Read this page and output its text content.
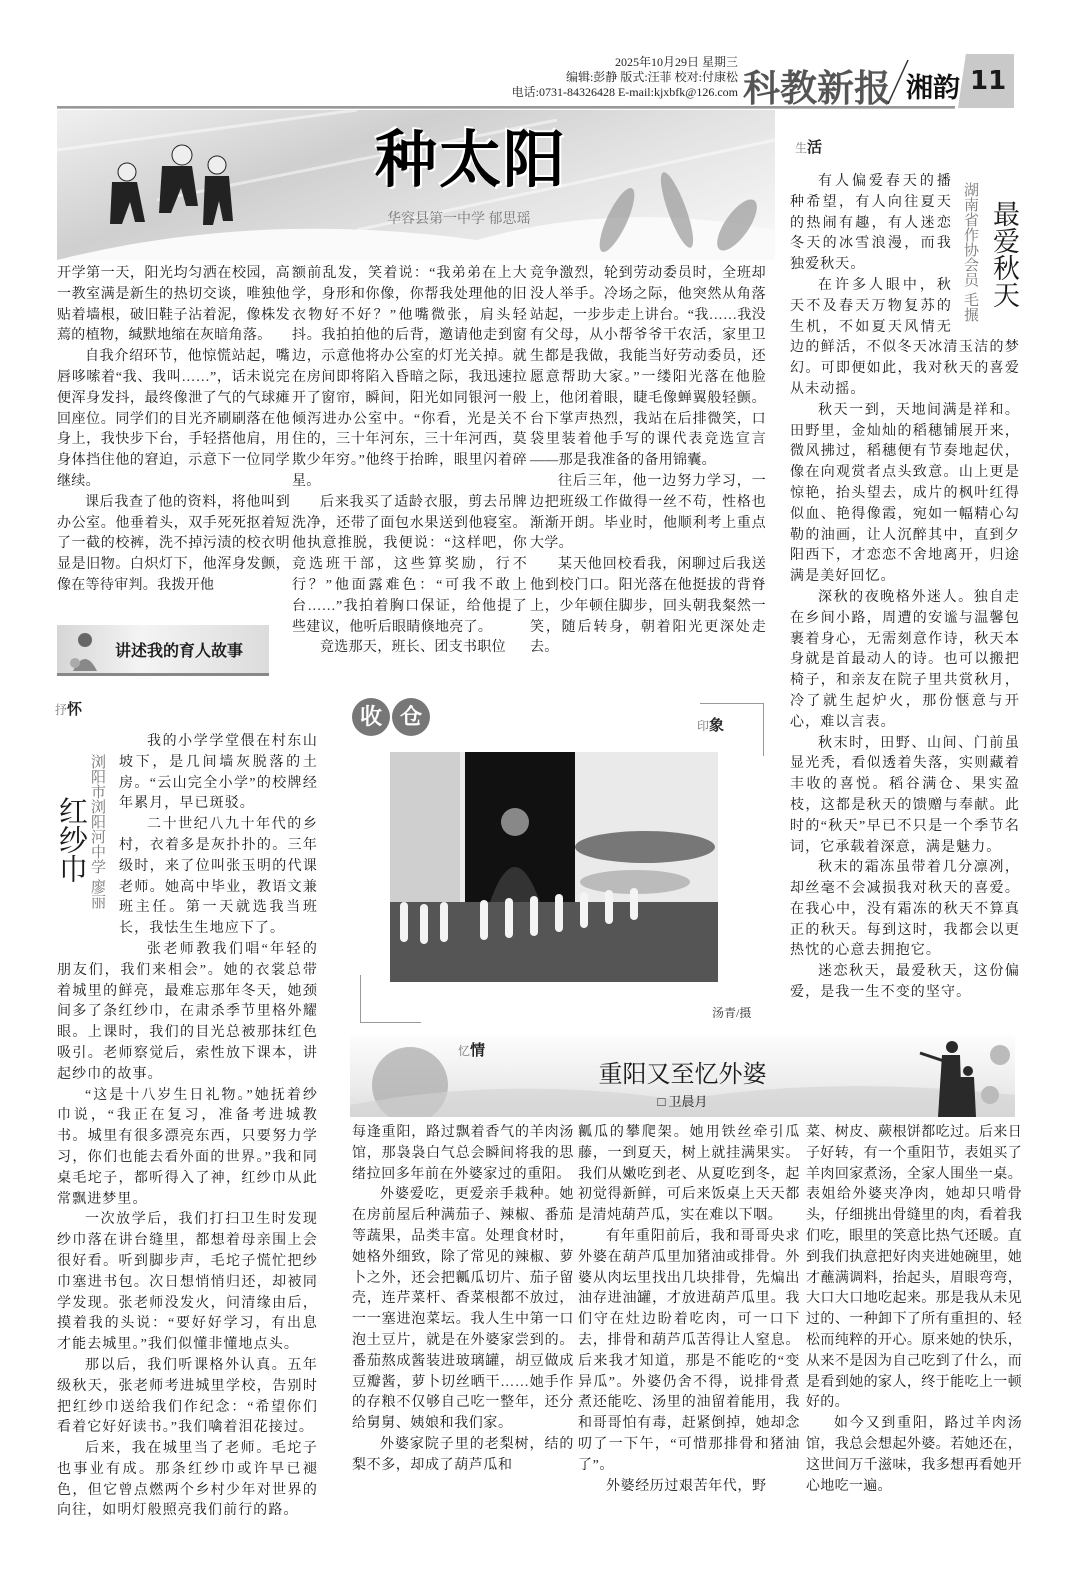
2025年10月29日 星期三
编辑:彭静 版式:汪菲 校对:付康松
电话:0731-84326428 E-mail:kjxbfk@126.com 科教新报 湘韵 11
种太阳
华容县第一中学 郁思瑶

开学第一天，阳光均匀洒在校园，高一教室满是新生的热切交谈，唯独他贴着墙根，破旧鞋子沾着泥，像株发蔫的植物，缄默地缩在灰暗角落。

自我介绍环节，他惊慌站起，嘴唇哆嗦着“我、我叫……”，话未说完便浑身发抖，最终像泄了气的气球瘫回座位。同学们的目光齐刷刷落在他身上，我快步下台，手轻搭他肩，用身体挡住他的窘迫，示意下一位同学继续。

课后我查了他的资料，将他叫到办公室。他垂着头，双手死死抠着短了一截的校裤，洗不掉污渍的校衣明显是旧物。白炽灯下，他浑身发颤，像在等待审判。我拨开他

额前乱发，笑着说：“我弟弟在上大学，身形和你像，你帮我处理他的旧衣物好不好？”他嘴微张，肩头轻抖。我拍拍他的后背，邀请他走到窗边，示意他将办公室的灯光关掉。就在房间即将陷入昏暗之际，我迅速拉开了窗帘，瞬间，阳光如同银河一般倾泻进办公室中。“你看，光是关不住的，三十年河东，三十年河西，莫欺少年穷。”他终于抬眸，眼里闪着碎星。

后来我买了适龄衣服，剪去吊牌洗净，还带了面包水果送到他寝室。他执意推脱，我便说：“这样吧，你竞选班干部，这些算奖励，行不行？”他面露难色：“可我不敢上台……”我拍着胸口保证，给他提了些建议，他听后眼睛倏地亮了。

竞选那天，班长、团支书职位

竞争激烈，轮到劳动委员时，全班却没人举手。冷场之际，他突然从角落站起，一步步走上讲台。“我……我没有父母，从小帮爷爷干农活，家里卫生都是我做，我能当好劳动委员，还愿意帮助大家。”一缕阳光落在他脸上，他闭着眼，睫毛像蝉翼般轻颤。台下掌声热烈，我站在后排微笑，口袋里装着他手写的课代表竞选宣言——那是我准备的备用锦囊。

往后三年，他一边努力学习，一边把班级工作做得一丝不苟，性格也渐渐开朗。毕业时，他顺利考上重点大学。

某天他回校看我，闲聊过后我送他到校门口。阳光落在他挺拔的背脊上，少年顿住脚步，回头朝我粲然一笑，随后转身，朝着阳光更深处走去。

讲述我的育人故事
生活
最爱秋天
湖南省作协会员 毛搌

有人偏爱春天的播种希望，有人向往夏天的热闹有趣，有人迷恋冬天的冰雪浪漫，而我独爱秋天。

在许多人眼中，秋天不及春天万物复苏的生机，不如夏天风情无边的鲜活，不似冬天冰清玉洁的梦幻。可即便如此，我对秋天的喜爱从未动摇。

秋天一到，天地间满是祥和。田野里，金灿灿的稻穗铺展开来，微风拂过，稻穗便有节奏地起伏，像在向观赏者点头致意。山上更是惊艳，抬头望去，成片的枫叶红得似血、艳得像霞，宛如一幅精心勾勒的油画，让人沉醉其中，直到夕阳西下，才恋恋不舍地离开，归途满是美好回忆。

深秋的夜晚格外迷人。独自走在乡间小路，周遭的安谧与温馨包裹着身心，无需刻意作诗，秋天本身就是首最动人的诗。也可以搬把椅子，和亲友在院子里共赏秋月，冷了就生起炉火，那份惬意与开心，难以言表。

秋末时，田野、山间、门前虽显光秃，看似透着失落，实则藏着丰收的喜悦。稻谷满仓、果实盈枝，这都是秋天的馈赠与奉献。此时的“秋天”早已不只是一个季节名词，它承载着深意，满是魅力。

秋末的霜冻虽带着几分凛冽，却丝毫不会减损我对秋天的喜爱。在我心中，没有霜冻的秋天不算真正的秋天。每到这时，我都会以更热忱的心意去拥抱它。

迷恋秋天，最爱秋天，这份偏爱，是我一生不变的坚守。

抒怀
红纱巾 浏阳市浏阳河中学 廖丽

我的小学学堂偎在村东山坡下，是几间墙灰脱落的土房。“云山完全小学”的校牌经年累月，早已斑驳。

二十世纪八九十年代的乡村，衣着多是灰扑扑的。三年级时，来了位叫张玉明的代课老师。她高中毕业，教语文兼班主任。第一天就选我当班长，我怯生生地应下了。

张老师教我们唱“年轻的朋友们，我们来相会”。她的衣裳总带着城里的鲜亮，最难忘那年冬天，她颈间多了条红纱巾，在肃杀季节里格外耀眼。上课时，我们的目光总被那抹红色吸引。老师察觉后，索性放下课本，讲起纱巾的故事。

“这是十八岁生日礼物。”她抚着纱巾说，“我正在复习，准备考进城教书。城里有很多漂亮东西，只要努力学习，你们也能去看外面的世界。”我和同桌毛坨子，都听得入了神，红纱巾从此常飘进梦里。

一次放学后，我们打扫卫生时发现纱巾落在讲台缝里，都想着母亲围上会很好看。听到脚步声，毛坨子慌忙把纱巾塞进书包。次日想悄悄归还，却被同学发现。张老师没发火，问清缘由后，摸着我的头说：“要好好学习，有出息才能去城里。”我们似懂非懂地点头。

那以后，我们听课格外认真。五年级秋天，张老师考进城里学校，告别时把红纱巾送给我们作纪念：“希望你们看着它好好读书。”我们噙着泪花接过。

后来，我在城里当了老师。毛坨子也事业有成。那条红纱巾或许早已褪色，但它曾点燃两个乡村少年对世界的向往，如明灯般照亮我们前行的路。

收 仓	印象
汤青/摄
忆情
重阳又至忆外婆
□ 卫晨月

每逢重阳，路过飘着香气的羊肉汤馆，那袅袅白气总会瞬间将我的思绪拉回多年前在外婆家过的重阳。

外婆爱吃，更爱亲手栽种。她在房前屋后种满茄子、辣椒、番茄等蔬果，品类丰富。处理食材时，她格外细致，除了常见的辣椒、萝卜之外，还会把瓤瓜切片、茄子留壳，连芹菜杆、香菜根都不放过，一一塞进泡菜坛。我人生中第一口泡土豆片，就是在外婆家尝到的。番茄熬成酱装进玻璃罐，胡豆做成豆瓣酱，萝卜切丝晒干……她手作的存粮不仅够自己吃一整年，还分给舅舅、姨娘和我们家。

外婆家院子里的老梨树，结的梨不多，却成了葫芦瓜和

瓤瓜的攀爬架。她用铁丝牵引瓜藤，一到夏天，树上就挂满果实。我们从嫩吃到老、从夏吃到冬，起初觉得新鲜，可后来饭桌上天天都是清炖葫芦瓜，实在难以下咽。

有年重阳前后，我和哥哥央求外婆在葫芦瓜里加猪油或排骨。外婆从肉坛里找出几块排骨，先煸出油存进油罐，才放进葫芦瓜里。我们守在灶边盼着吃肉，可一口下去，排骨和葫芦瓜苦得让人窒息。后来我才知道，那是不能吃的“变异瓜”。外婆仍舍不得，说排骨煮煮还能吃、汤里的油留着能用，我和哥哥怕有毒，赶紧倒掉，她却念叨了一下午，“可惜那排骨和猪油了”。

外婆经历过艰苦年代，野

菜、树皮、蕨根饼都吃过。后来日子好转，有一个重阳节，表姐买了羊肉回家煮汤，全家人围坐一桌。表姐给外婆夹净肉，她却只啃骨头，仔细挑出骨缝里的肉，看着我们吃，眼里的笑意比热气还暖。直到我们执意把好肉夹进她碗里，她才蘸满调料，抬起头，眉眼弯弯，大口大口地吃起来。那是我从未见过的、一种卸下了所有重担的、轻松而纯粹的开心。原来她的快乐，从来不是因为自己吃到了什么，而是看到她的家人，终于能吃上一顿好的。

如今又到重阳，路过羊肉汤馆，我总会想起外婆。若她还在，这世间万千滋味，我多想再看她开心地吃一遍。
